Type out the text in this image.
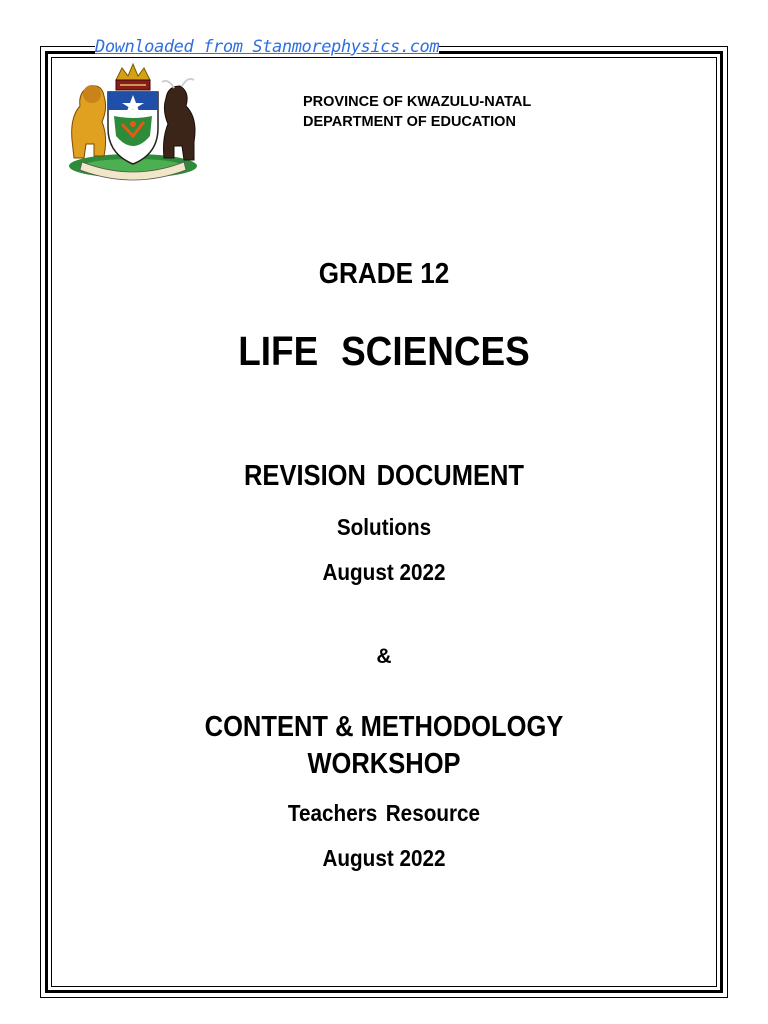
Downloaded from Stanmorephysics.com
PROVINCE OF KWAZULU-NATAL
DEPARTMENT OF EDUCATION
GRADE 12
LIFE SCIENCES
REVISION DOCUMENT
Solutions
August 2022
&
CONTENT & METHODOLOGY
WORKSHOP
Teachers Resource
August 2022
